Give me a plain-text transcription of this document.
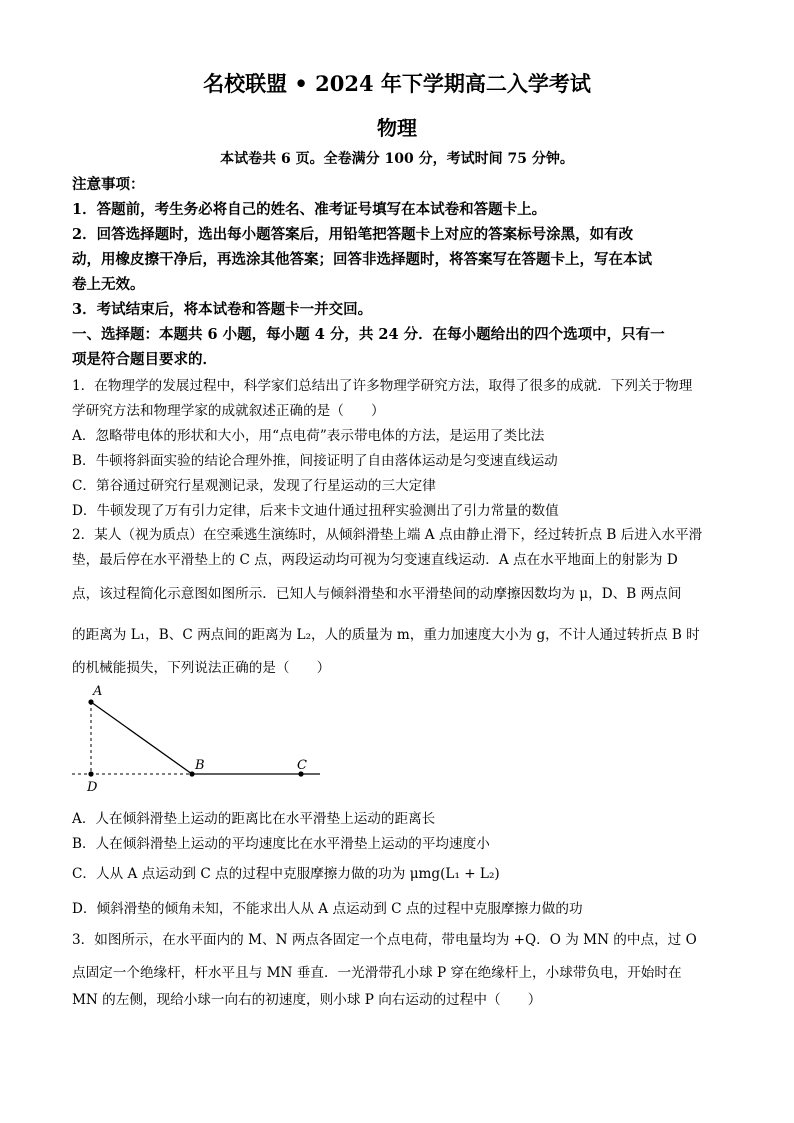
名校联盟 • 2024 年下学期高二入学考试
物理
本试卷共 6 页。全卷满分 100 分，考试时间 75 分钟。
注意事项：
1．答题前，考生务必将自己的姓名、准考证号填写在本试卷和答题卡上。
2．回答选择题时，选出每小题答案后，用铅笔把答题卡上对应的答案标号涂黑，如有改
动，用橡皮擦干净后，再选涂其他答案；回答非选择题时，将答案写在答题卡上，写在本试
卷上无效。
3．考试结束后，将本试卷和答题卡一并交回。
一、选择题：本题共 6 小题，每小题 4 分，共 24 分．在每小题给出的四个选项中，只有一
项是符合题目要求的．
1．在物理学的发展过程中，科学家们总结出了许多物理学研究方法，取得了很多的成就．下列关于物理
学研究方法和物理学家的成就叙述正确的是（　　）
A．忽略带电体的形状和大小，用“点电荷”表示带电体的方法，是运用了类比法
B．牛顿将斜面实验的结论合理外推，间接证明了自由落体运动是匀变速直线运动
C．第谷通过研究行星观测记录，发现了行星运动的三大定律
D．牛顿发现了万有引力定律，后来卡文迪什通过扭秤实验测出了引力常量的数值
2．某人（视为质点）在空乘逃生演练时，从倾斜滑垫上端 A 点由静止滑下，经过转折点 B 后进入水平滑
垫，最后停在水平滑垫上的 C 点，两段运动均可视为匀变速直线运动．A 点在水平地面上的射影为 D
点，该过程简化示意图如图所示．已知人与倾斜滑垫和水平滑垫间的动摩擦因数均为 μ，D、B 两点间
的距离为 L₁，B、C 两点间的距离为 L₂，人的质量为 m，重力加速度大小为 g，不计人通过转折点 B 时
的机械能损失，下列说法正确的是（　　）
A
B	C
D
A．人在倾斜滑垫上运动的距离比在水平滑垫上运动的距离长
B．人在倾斜滑垫上运动的平均速度比在水平滑垫上运动的平均速度小
C．人从 A 点运动到 C 点的过程中克服摩擦力做的功为 μmg(L₁ + L₂)
D．倾斜滑垫的倾角未知，不能求出人从 A 点运动到 C 点的过程中克服摩擦力做的功
3．如图所示，在水平面内的 M、N 两点各固定一个点电荷，带电量均为 +Q．O 为 MN 的中点，过 O
点固定一个绝缘杆，杆水平且与 MN 垂直．一光滑带孔小球 P 穿在绝缘杆上，小球带负电，开始时在
MN 的左侧，现给小球一向右的初速度，则小球 P 向右运动的过程中（　　）
